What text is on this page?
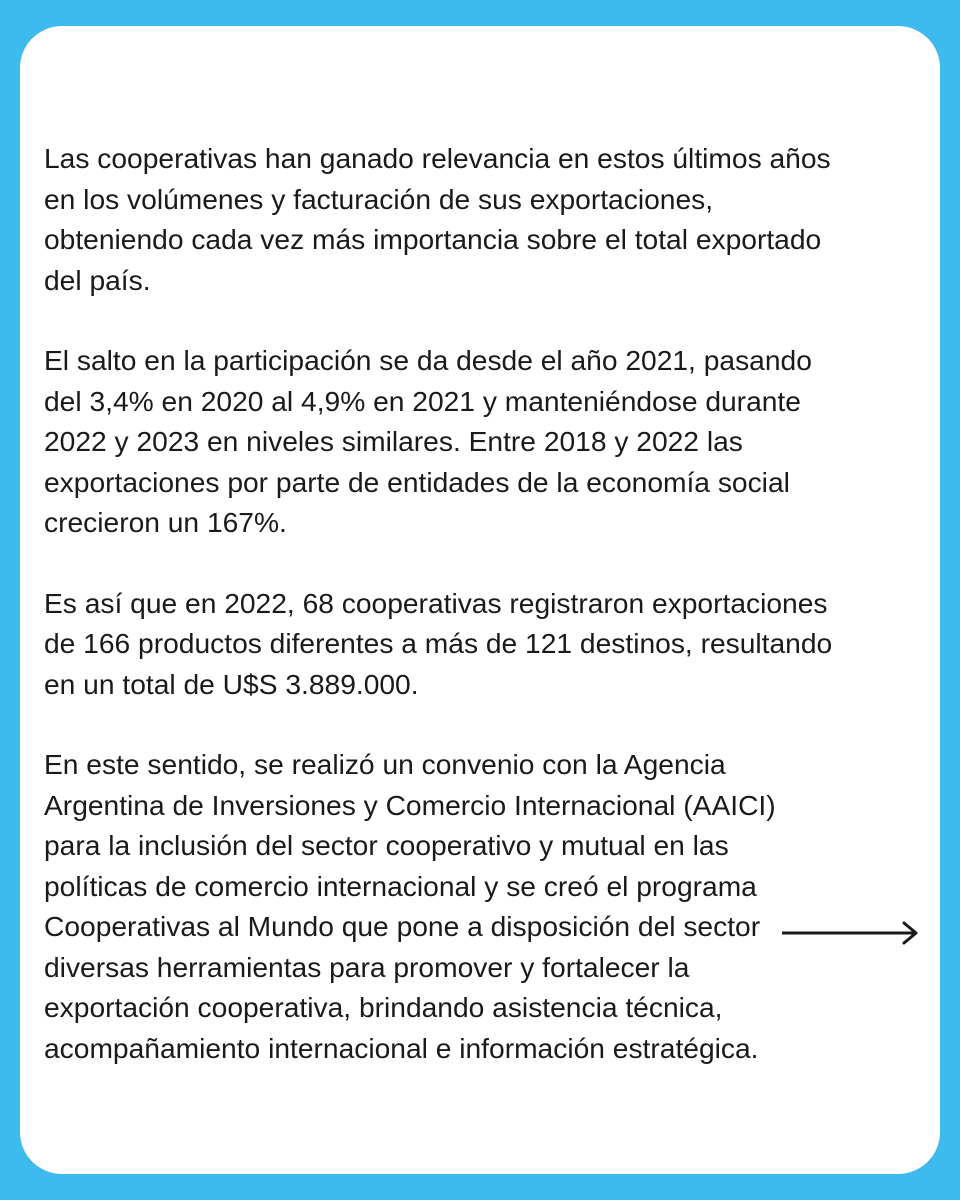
Las cooperativas han ganado relevancia en estos últimos años
en los volúmenes y facturación de sus exportaciones,
obteniendo cada vez más importancia sobre el total exportado
del país.

El salto en la participación se da desde el año 2021, pasando
del 3,4% en 2020 al 4,9% en 2021 y manteniéndose durante
2022 y 2023 en niveles similares. Entre 2018 y 2022 las
exportaciones por parte de entidades de la economía social
crecieron un 167%.

Es así que en 2022, 68 cooperativas registraron exportaciones
de 166 productos diferentes a más de 121 destinos, resultando
en un total de U$S 3.889.000.

En este sentido, se realizó un convenio con la Agencia
Argentina de Inversiones y Comercio Internacional (AAICI)
para la inclusión del sector cooperativo y mutual en las
políticas de comercio internacional y se creó el programa
Cooperativas al Mundo que pone a disposición del sector
diversas herramientas para promover y fortalecer la
exportación cooperativa, brindando asistencia técnica,
acompañamiento internacional e información estratégica.
